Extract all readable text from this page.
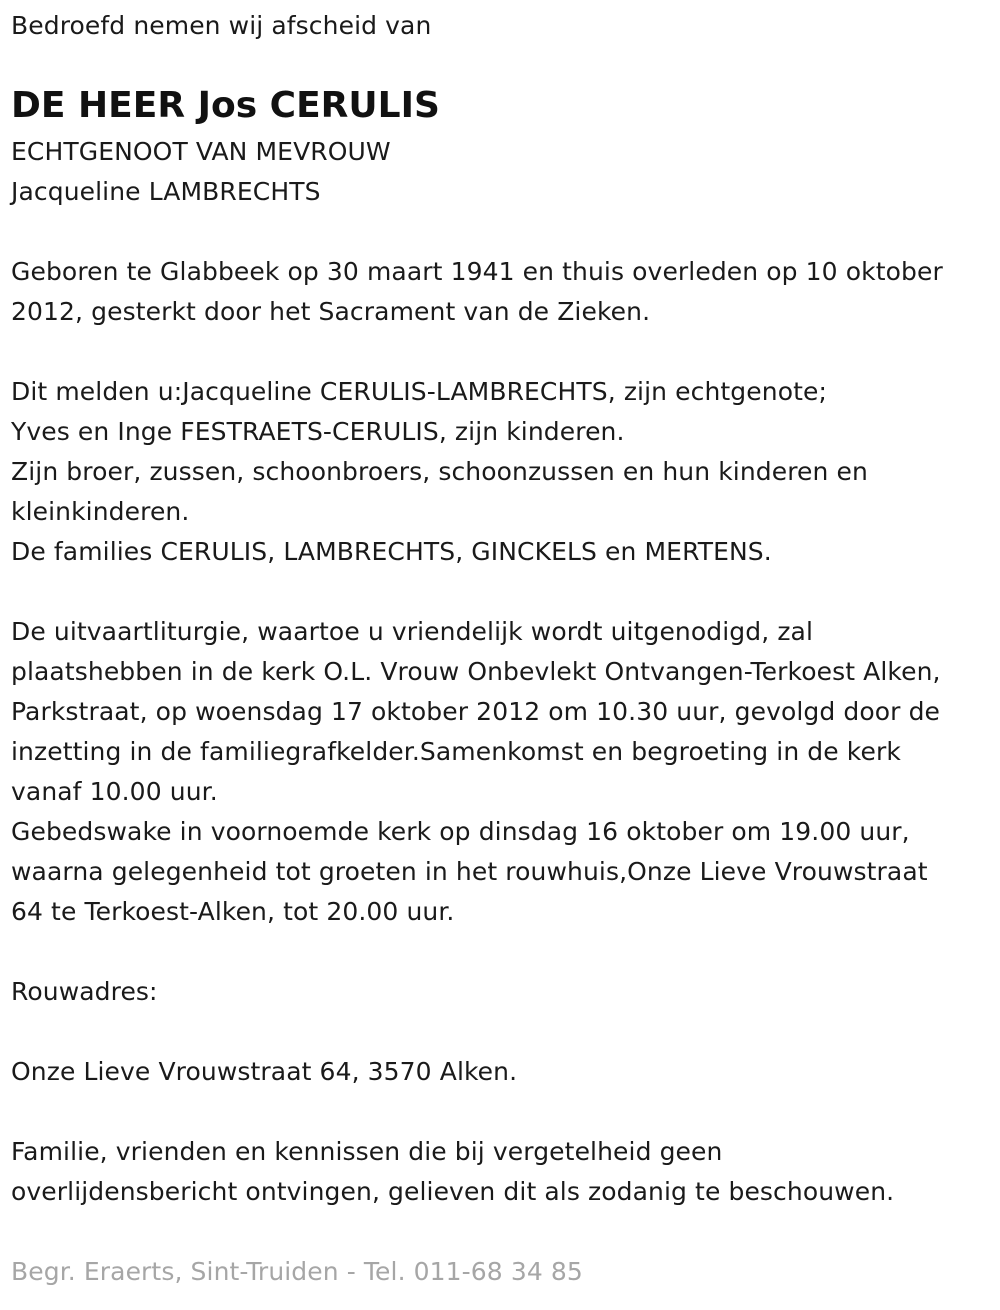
Bedroefd nemen wij afscheid van
DE HEER Jos CERULIS
ECHTGENOOT VAN MEVROUW
Jacqueline LAMBRECHTS
Geboren te Glabbeek op 30 maart 1941 en thuis overleden op 10 oktober
2012, gesterkt door het Sacrament van de Zieken.
Dit melden u:Jacqueline CERULIS-LAMBRECHTS, zijn echtgenote;
Yves en Inge FESTRAETS-CERULIS, zijn kinderen.
Zijn broer, zussen, schoonbroers, schoonzussen en hun kinderen en
kleinkinderen.
De families CERULIS, LAMBRECHTS, GINCKELS en MERTENS.
De uitvaartliturgie, waartoe u vriendelijk wordt uitgenodigd, zal
plaatshebben in de kerk O.L. Vrouw Onbevlekt Ontvangen-Terkoest Alken,
Parkstraat, op woensdag 17 oktober 2012 om 10.30 uur, gevolgd door de
inzetting in de familiegrafkelder.Samenkomst en begroeting in de kerk
vanaf 10.00 uur.
Gebedswake in voornoemde kerk op dinsdag 16 oktober om 19.00 uur,
waarna gelegenheid tot groeten in het rouwhuis,Onze Lieve Vrouwstraat
64 te Terkoest-Alken, tot 20.00 uur.
Rouwadres:
Onze Lieve Vrouwstraat 64, 3570 Alken.
Familie, vrienden en kennissen die bij vergetelheid geen
overlijdensbericht ontvingen, gelieven dit als zodanig te beschouwen.
Begr. Eraerts, Sint-Truiden - Tel. 011-68 34 85
